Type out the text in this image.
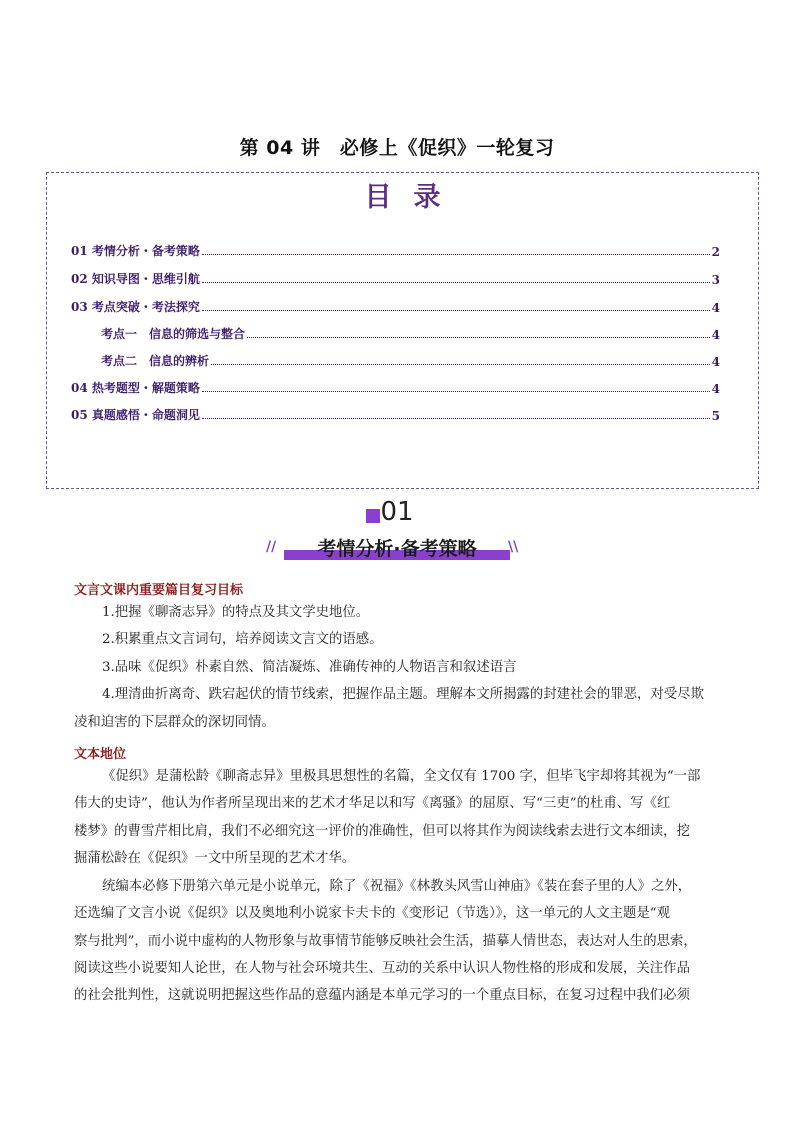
第 04 讲　必修上《促织》一轮复习
目录
01 考情分析・备考策略	2
02 知识导图・思维引航	3
03 考点突破・考法探究	4
考点一　信息的筛选与整合	4
考点二　信息的辨析	4
04 热考题型・解题策略	4
05 真题感悟・命题洞见	5
01
//	考情分析·备考策略	\\
文言文课内重要篇目复习目标
1.把握《聊斋志异》的特点及其文学史地位。
2.积累重点文言词句，培养阅读文言文的语感。
3.品味《促织》朴素自然、简洁凝炼、准确传神的人物语言和叙述语言
4.理清曲折离奇、跌宕起伏的情节线索，把握作品主题。理解本文所揭露的封建社会的罪恶，对受尽欺
凌和迫害的下层群众的深切同情。
文本地位
《促织》是蒲松龄《聊斋志异》里极具思想性的名篇，全文仅有 1700 字，但毕飞宇却将其视为“一部
伟大的史诗”，他认为作者所呈现出来的艺术才华足以和写《离骚》的屈原、写“三吏”的杜甫、写《红
楼梦》的曹雪芹相比肩，我们不必细究这一评价的准确性，但可以将其作为阅读线索去进行文本细读，挖
掘蒲松龄在《促织》一文中所呈现的艺术才华。
统编本必修下册第六单元是小说单元，除了《祝福》《林教头风雪山神庙》《装在套子里的人》之外，
还选编了文言小说《促织》以及奥地利小说家卡夫卡的《变形记（节选）》，这一单元的人文主题是“观
察与批判”，而小说中虚构的人物形象与故事情节能够反映社会生活，描摹人情世态，表达对人生的思索，
阅读这些小说要知人论世，在人物与社会环境共生、互动的关系中认识人物性格的形成和发展，关注作品
的社会批判性，这就说明把握这些作品的意蕴内涵是本单元学习的一个重点目标，在复习过程中我们必须
